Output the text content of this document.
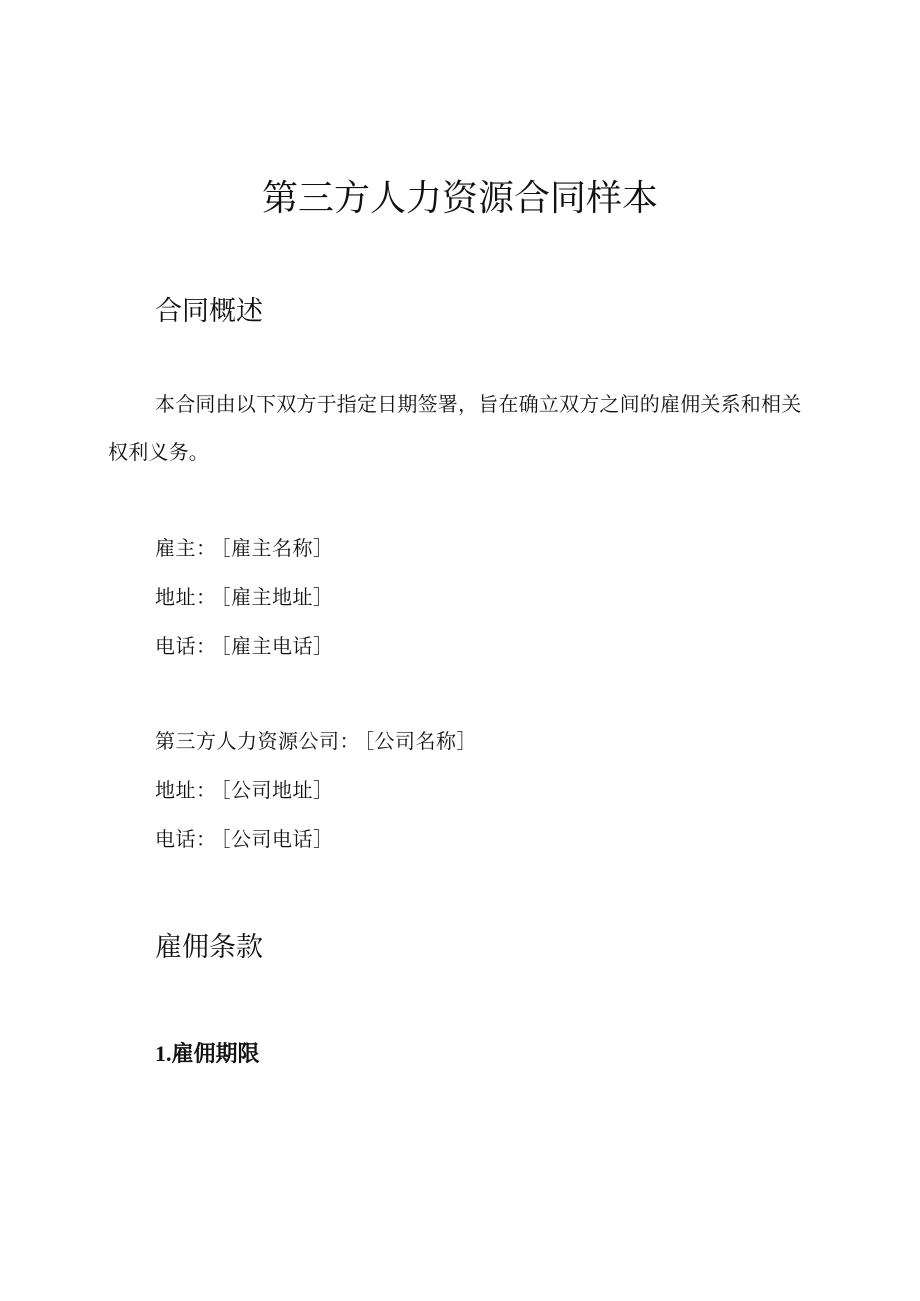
第三方人力资源合同样本
合同概述

本合同由以下双方于指定日期签署，旨在确立双方之间的雇佣关系和相关权利义务。

雇主： ［雇主名称］
地址： ［雇主地址］
电话： ［雇主电话］
第三方人力资源公司： ［公司名称］
地址： ［公司地址］
电话： ［公司电话］
雇佣条款
1.雇佣期限
